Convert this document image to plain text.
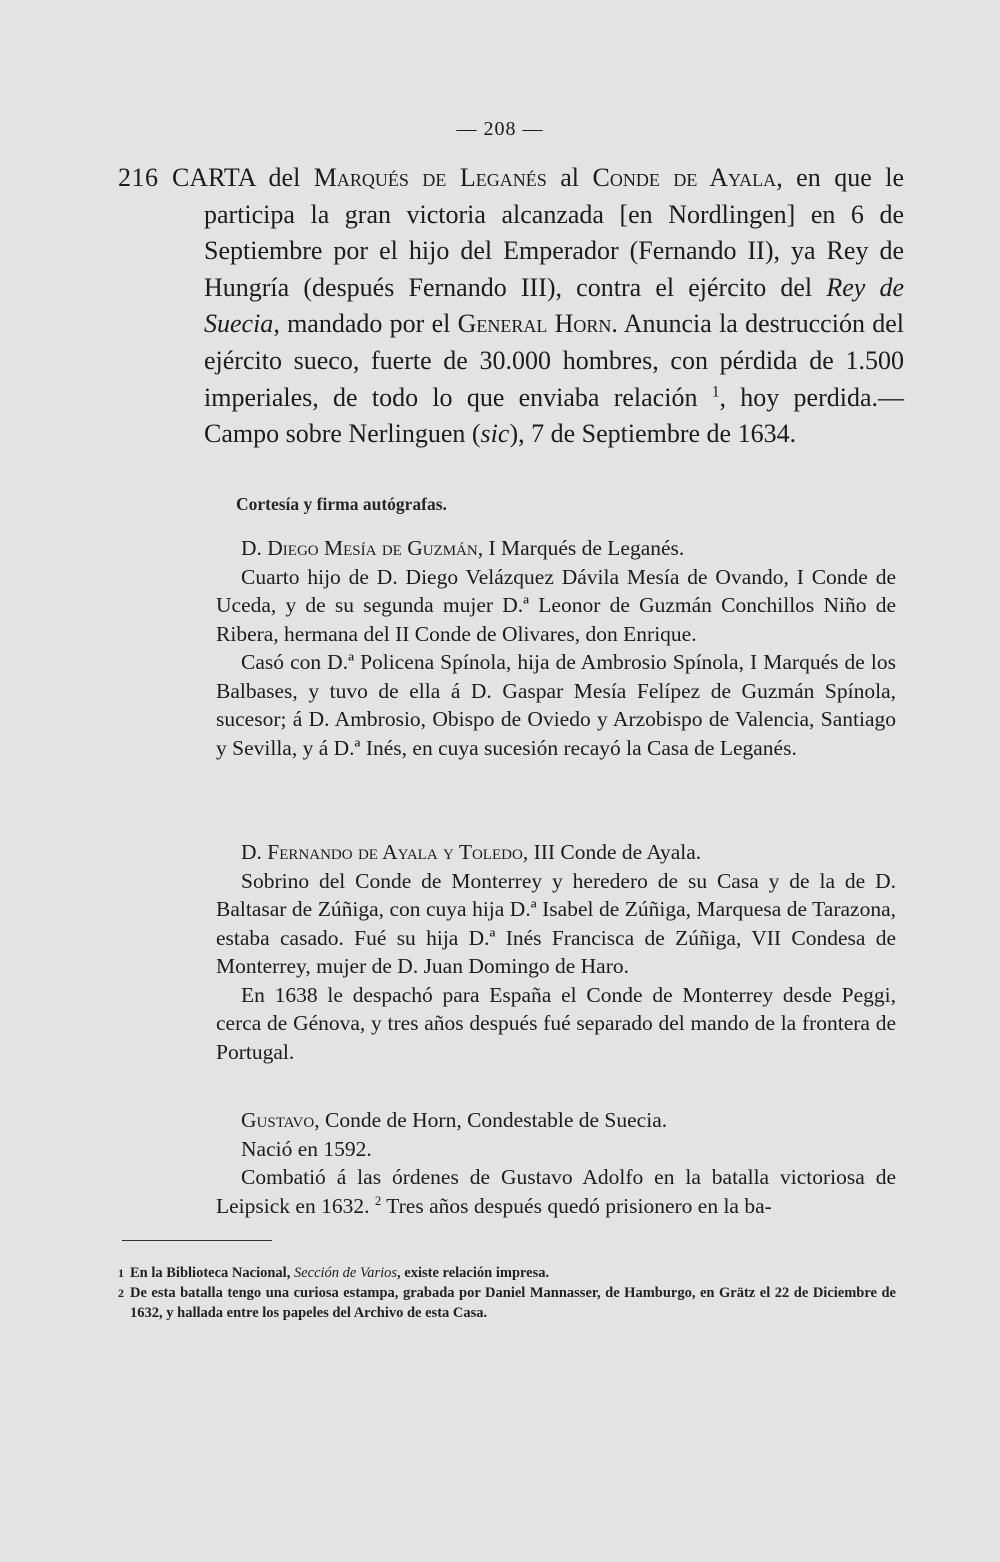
— 208 —
216 CARTA del Marqués de Leganés al Conde de Ayala, en que le participa la gran victoria alcanzada [en Nordlingen] en 6 de Septiembre por el hijo del Emperador (Fernando II), ya Rey de Hungría (después Fernando III), contra el ejército del Rey de Suecia, mandado por el General Horn. Anuncia la destrucción del ejército sueco, fuerte de 30.000 hombres, con pérdida de 1.500 imperiales, de todo lo que enviaba relación $^1$, hoy perdida.—Campo sobre Nerlinguen (sic), 7 de Septiembre de 1634.
Cortesía y firma autógrafas.
D. Diego Mesía de Guzmán, I Marqués de Leganés.

Cuarto hijo de D. Diego Velázquez Dávila Mesía de Ovando, I Conde de Uceda, y de su segunda mujer D.ª Leonor de Guzmán Conchillos Niño de Ribera, hermana del II Conde de Olivares, don Enrique.

Casó con D.ª Policena Spínola, hija de Ambrosio Spínola, I Marqués de los Balbases, y tuvo de ella á D. Gaspar Mesía Felípez de Guzmán Spínola, sucesor; á D. Ambrosio, Obispo de Oviedo y Arzobispo de Valencia, Santiago y Sevilla, y á D.ª Inés, en cuya sucesión recayó la Casa de Leganés.

D. Fernando de Ayala y Toledo, III Conde de Ayala.

Sobrino del Conde de Monterrey y heredero de su Casa y de la de D. Baltasar de Zúñiga, con cuya hija D.ª Isabel de Zúñiga, Marquesa de Tarazona, estaba casado. Fué su hija D.ª Inés Francisca de Zúñiga, VII Condesa de Monterrey, mujer de D. Juan Domingo de Haro.

En 1638 le despachó para España el Conde de Monterrey desde Peggi, cerca de Génova, y tres años después fué separado del mando de la frontera de Portugal.

Gustavo, Conde de Horn, Condestable de Suecia.

Nació en 1592.

Combatió á las órdenes de Gustavo Adolfo en la batalla victoriosa de Leipsick en 1632. $^2$ Tres años después quedó prisionero en la ba-

1 En la Biblioteca Nacional, Sección de Varios, existe relación impresa.
2 De esta batalla tengo una curiosa estampa, grabada por Daniel Mannasser, de Hamburgo, en Grätz el 22 de Diciembre de 1632, y hallada entre los papeles del Archivo de esta Casa.
